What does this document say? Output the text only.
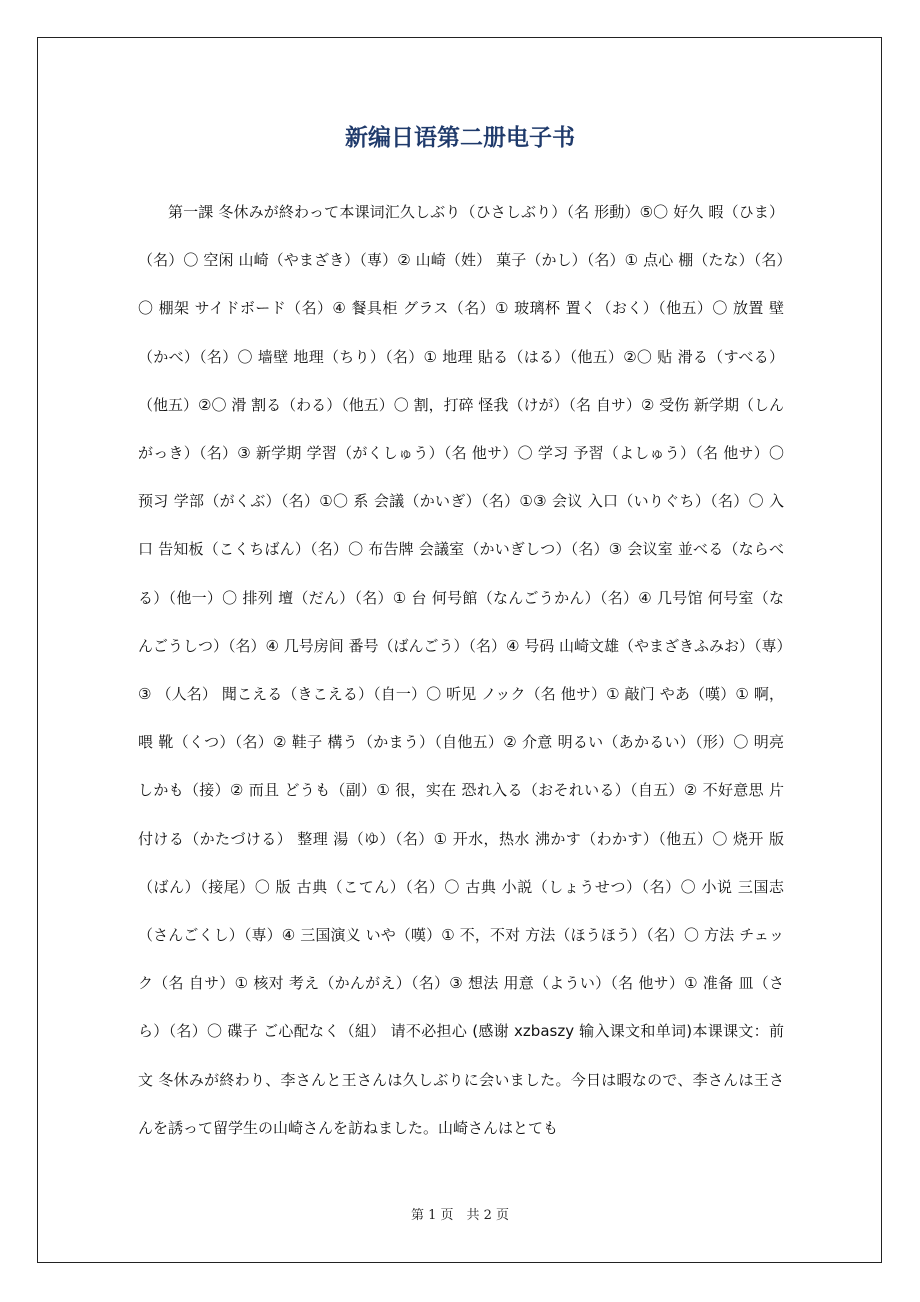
新编日语第二册电子书

第一課 冬休みが終わって本课词汇久しぶり（ひさしぶり）（名 形動）⑤〇 好久 暇（ひま）（名）〇 空闲 山崎（やまざき）（専）② 山崎（姓） 菓子（かし）（名）① 点心 棚（たな）（名）〇 棚架 サイドボード（名）④ 餐具柜 グラス（名）① 玻璃杯 置く（おく）（他五）〇 放置 壁（かべ）（名）〇 墙壁 地理（ちり）（名）① 地理 貼る（はる）（他五）②〇 贴 滑る（すべる）（他五）②〇 滑 割る（わる）（他五）〇 割，打碎 怪我（けが）（名 自サ）② 受伤 新学期（しんがっき）（名）③ 新学期 学習（がくしゅう）（名 他サ）〇 学习 予習（よしゅう）（名 他サ）〇 预习 学部（がくぶ）（名）①〇 系 会議（かいぎ）（名）①③ 会议 入口（いりぐち）（名）〇 入口 告知板（こくちばん）（名）〇 布告牌 会議室（かいぎしつ）（名）③ 会议室 並べる（ならべる）（他一）〇 排列 壇（だん）（名）① 台 何号館（なんごうかん）（名）④ 几号馆 何号室（なんごうしつ）（名）④ 几号房间 番号（ばんごう）（名）④ 号码 山崎文雄（やまざきふみお）（専）③ （人名） 聞こえる（きこえる）（自一）〇 听见 ノック（名 他サ）① 敲门 やあ（嘆）① 啊，喂 靴（くつ）（名）② 鞋子 構う（かまう）（自他五）② 介意 明るい（あかるい）（形）〇 明亮 しかも（接）② 而且 どうも（副）① 很，实在 恐れ入る（おそれいる）（自五）② 不好意思 片付ける（かたづける） 整理 湯（ゆ）（名）① 开水，热水 沸かす（わかす）（他五）〇 烧开 版（ばん）（接尾）〇 版 古典（こてん）（名）〇 古典 小説（しょうせつ）（名）〇 小说 三国志（さんごくし）（専）④ 三国演义 いや（嘆）① 不，不对 方法（ほうほう）（名）〇 方法 チェック（名 自サ）① 核对 考え（かんがえ）（名）③ 想法 用意（ようい）（名 他サ）① 准备 皿（さら）（名）〇 碟子 ご心配なく（組） 请不必担心 (感谢 xzbaszy 输入课文和单词)本课课文：前文 冬休みが終わり、李さんと王さんは久しぶりに会いました。今日は暇なので、李さんは王さんを誘って留学生の山崎さんを訪ねました。山崎さんはとても

第 1 页　共 2 页
